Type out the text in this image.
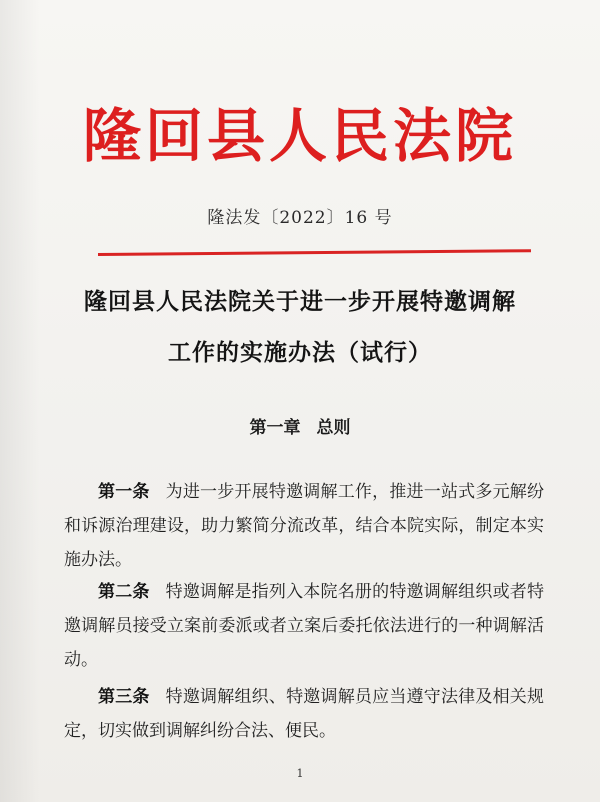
隆回县人民法院
隆法发〔2022〕16 号
隆回县人民法院关于进一步开展特邀调解
工作的实施办法（试行）
第一章 总则
第一条 为进一步开展特邀调解工作，推进一站式多元解纷和诉源治理建设，助力繁简分流改革，结合本院实际，制定本实施办法。
第二条 特邀调解是指列入本院名册的特邀调解组织或者特邀调解员接受立案前委派或者立案后委托依法进行的一种调解活动。
第三条 特邀调解组织、特邀调解员应当遵守法律及相关规定，切实做到调解纠纷合法、便民。
1
